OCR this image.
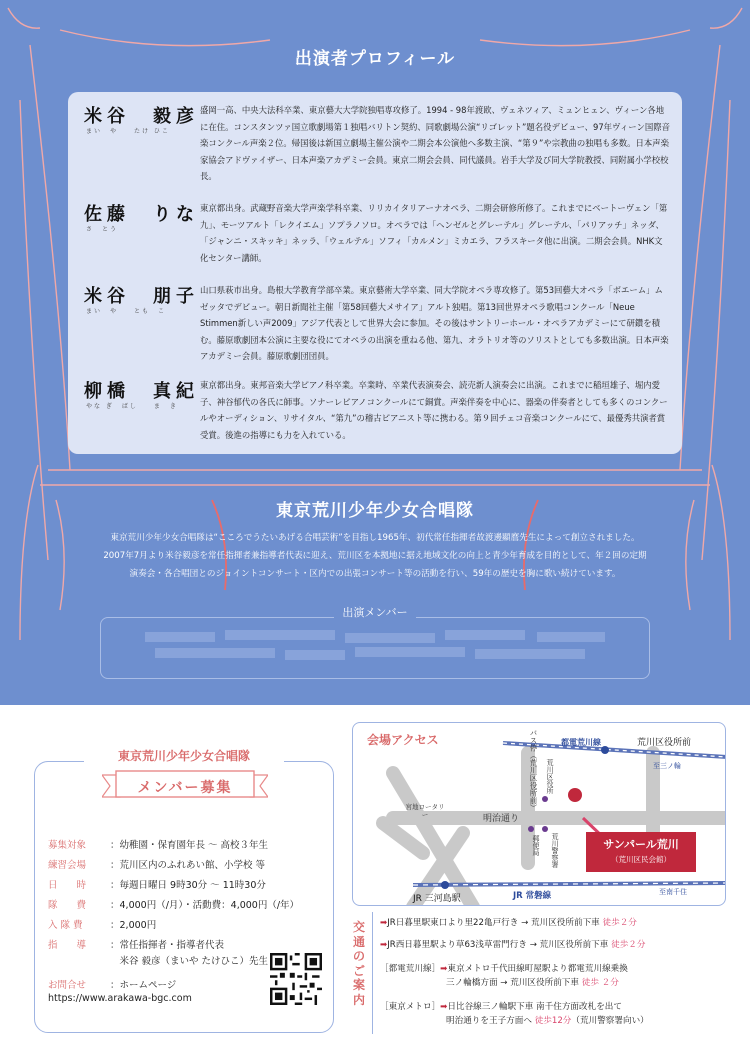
出演者プロフィール
米谷　毅彦
まい　や　　たけ ひこ
盛岡一高、中央大法科卒業、東京藝大大学院独唱専攻修了。1994 - 98年渡欧、ヴェネツィア、ミュンヒェン、ヴィーン各地に在住。コンスタンツァ国立歌劇場第１独唱バリトン契約、同歌劇場公演“リゴレット”題名役デビュー、97年ヴィーン国際音楽コンクール声楽２位。帰国後は新国立劇場主催公演や二期会本公演他へ多数主演、“第９”や宗教曲の独唱も多数。日本声楽家協会アドヴァイザー、日本声楽アカデミー会員。東京二期会会員、同代議員。岩手大学及び同大学院教授、同附属小学校校長。
佐藤　りな
さ　とう
東京都出身。武蔵野音楽大学声楽学科卒業、リリカイタリアーナオペラ、二期会研修所修了。これまでにベートーヴェン「第九」、モーツアルト「レクイエム」ソプラノソロ。オペラでは「ヘンゼルとグレーテル」グレーテル、「パリアッチ」ネッダ、「ジャンニ・スキッキ」ネッラ、「ウェルテル」ソフィ「カルメン」ミカエラ、フラスキータ他に出演。二期会会員。NHK文化センター講師。
米谷　朋子
まい　や　　とも　こ
山口県萩市出身。島根大学教育学部卒業。東京藝術大学卒業、同大学院オペラ専攻修了。第53回藝大オペラ「ボエーム」ムゼッタでデビュー。朝日新聞社主催「第58回藝大メサイア」アルト独唱。第13回世界オペラ歌唱コンクール「Neue Stimmen新しい声2009」アジア代表として世界大会に参加。その後はサントリーホール・オペラアカデミーにて研鑽を積む。藤原歌劇団本公演に主要な役にてオペラの出演を重ねる他、第九、オラトリオ等のソリストとしても多数出演。日本声楽アカデミー会員。藤原歌劇団団員。
柳橋　真紀
やな ぎ　ばし　　ま　き
東京都出身。東邦音楽大学ピアノ科卒業。卒業時、卒業代表演奏会、読売新人演奏会に出演。これまでに稲垣雄子、堀内愛子、神谷郁代の各氏に師事。ソナーレピアノコンクールにて銅賞。声楽伴奏を中心に、器楽の伴奏者としても多くのコンクールやオーディション、リサイタル、“第九”の稽古ピアニスト等に携わる。第９回チェコ音楽コンクールにて、最優秀共演者賞受賞。後進の指導にも力を入れている。
東京荒川少年少女合唱隊
東京荒川少年少女合唱隊は“こころでうたいあげる合唱芸術”を目指し1965年、初代常任指揮者故渡邊顯麿先生によって創立されました。2007年7月より米谷毅彦を常任指揮者兼指導者代表に迎え、荒川区を本拠地に据え地域文化の向上と青少年育成を目的として、年２回の定期演奏会・各合唱団とのジョイントコンサート・区内での出張コンサート等の活動を行い、59年の歴史を胸に歌い続けています。
出演メンバー
東京荒川少年少女合唱隊
メンバー募集
募集対象	：幼稚園・保育園年長 ～ 高校３年生
練習会場	：荒川区内のふれあい館、小学校 等
日　　時	：毎週日曜日 9時30分 ～ 11時30分
隊　　費	：4,000円（/月）・活動費：4,000円（/年）
入 隊 費	：2,000円
指　　導	：常任指揮者・指導者代表
　米谷 毅彦（まいや たけひこ）先生
お問合せ	：ホームページ
https://www.arakawa-bgc.com
会場アクセス	バス停（荒川区役所前）
都電荒川線	荒川区役所前
至三ノ輪
荒川区役所
荒川警察署
郵便局
宮地ロータリー	明治通り
サンパール荒川
（荒川区民会館）
JR 三河島駅	JR 常磐線	至南千住
交通のご案内
➡JR日暮里駅東口より里22亀戸行き → 荒川区役所前下車 徒歩２分
➡JR西日暮里駅より草63浅草雷門行き → 荒川区役所前下車 徒歩２分
［都電荒川線］➡東京メトロ千代田線町屋駅より都電荒川線乗換
三ノ輪橋方面 → 荒川区役所前下車 徒歩 ２分
［東京メトロ］➡日比谷線三ノ輪駅下車 南千住方面改札を出て
明治通りを王子方面へ 徒歩12分（荒川警察署向い）
